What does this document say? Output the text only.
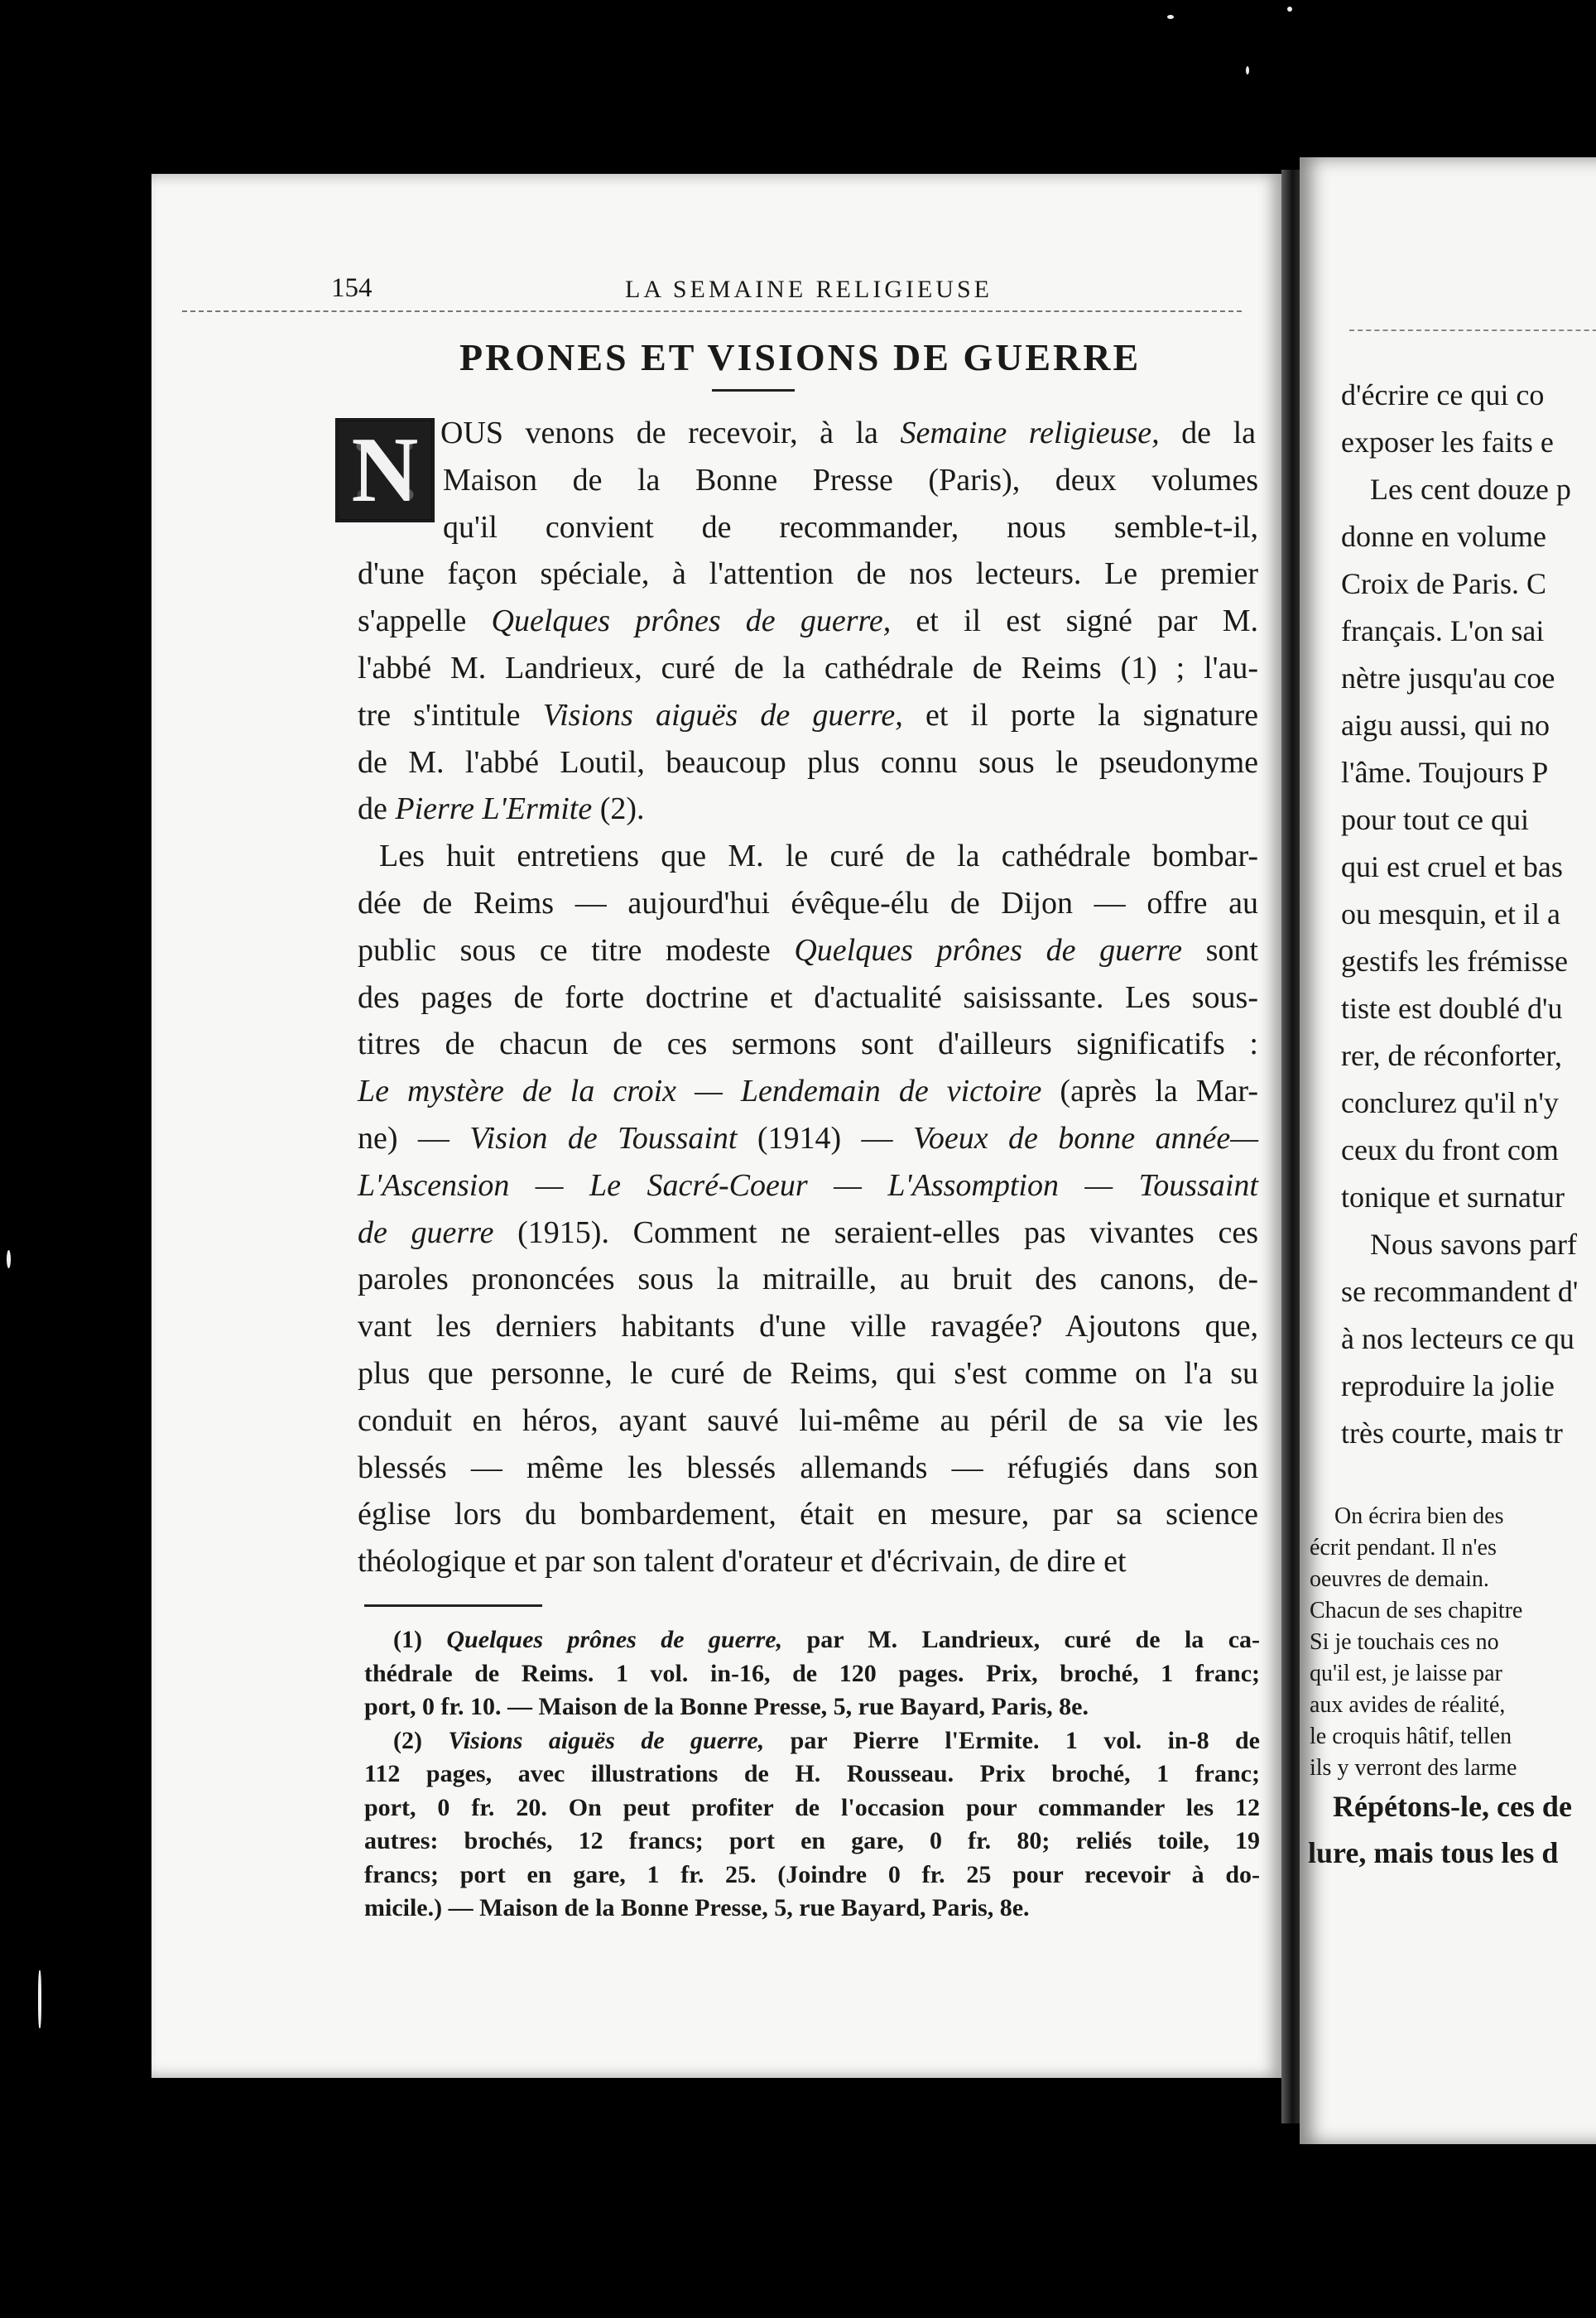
154	LA SEMAINE RELIGIEUSE
PRONES ET VISIONS DE GUERRE
N OUS venons de recevoir, à la Semaine religieuse, de la
Maison de la Bonne Presse (Paris), deux volumes
qu'il convient de recommander, nous semble-t-il,
d'une façon spéciale, à l'attention de nos lecteurs. Le premier
s'appelle Quelques prônes de guerre, et il est signé par M.
l'abbé M. Landrieux, curé de la cathédrale de Reims (1) ; l'au-
tre s'intitule Visions aiguës de guerre, et il porte la signature
de M. l'abbé Loutil, beaucoup plus connu sous le pseudonyme
de Pierre L'Ermite (2).
Les huit entretiens que M. le curé de la cathédrale bombar-
dée de Reims — aujourd'hui évêque-élu de Dijon — offre au
public sous ce titre modeste Quelques prônes de guerre sont
des pages de forte doctrine et d'actualité saisissante. Les sous-
titres de chacun de ces sermons sont d'ailleurs significatifs :
Le mystère de la croix — Lendemain de victoire (après la Mar-
ne) — Vision de Toussaint (1914) — Voeux de bonne année—
L'Ascension — Le Sacré-Coeur — L'Assomption — Toussaint
de guerre (1915). Comment ne seraient-elles pas vivantes ces
paroles prononcées sous la mitraille, au bruit des canons, de-
vant les derniers habitants d'une ville ravagée? Ajoutons que,
plus que personne, le curé de Reims, qui s'est comme on l'a su
conduit en héros, ayant sauvé lui-même au péril de sa vie les
blessés — même les blessés allemands — réfugiés dans son
église lors du bombardement, était en mesure, par sa science
théologique et par son talent d'orateur et d'écrivain, de dire et
(1) Quelques prônes de guerre, par M. Landrieux, curé de la ca-
thédrale de Reims. 1 vol. in-16, de 120 pages. Prix, broché, 1 franc;
port, 0 fr. 10. — Maison de la Bonne Presse, 5, rue Bayard, Paris, 8e.
(2) Visions aiguës de guerre, par Pierre l'Ermite. 1 vol. in-8 de
112 pages, avec illustrations de H. Rousseau. Prix broché, 1 franc;
port, 0 fr. 20. On peut profiter de l'occasion pour commander les 12
autres: brochés, 12 francs; port en gare, 0 fr. 80; reliés toile, 19
francs; port en gare, 1 fr. 25. (Joindre 0 fr. 25 pour recevoir à do-
micile.) — Maison de la Bonne Presse, 5, rue Bayard, Paris, 8e.
d'écrire ce qui co
exposer les faits e
Les cent douze p
donne en volume
Croix de Paris. C
français. L'on sai
nètre jusqu'au coe
aigu aussi, qui no
l'âme. Toujours P
pour tout ce qui
qui est cruel et bas
ou mesquin, et il a
gestifs les frémisse
tiste est doublé d'u
rer, de réconforter,
conclurez qu'il n'y
ceux du front com
tonique et surnatur
Nous savons parf
se recommandent d'
à nos lecteurs ce qu
reproduire la jolie
très courte, mais tr
On écrira bien des
écrit pendant. Il n'es
oeuvres de demain.
Chacun de ses chapitre
Si je touchais ces no
qu'il est, je laisse par
aux avides de réalité,
le croquis hâtif, tellen
ils y verront des larme
Répétons-le, ces de
lure, mais tous les d
